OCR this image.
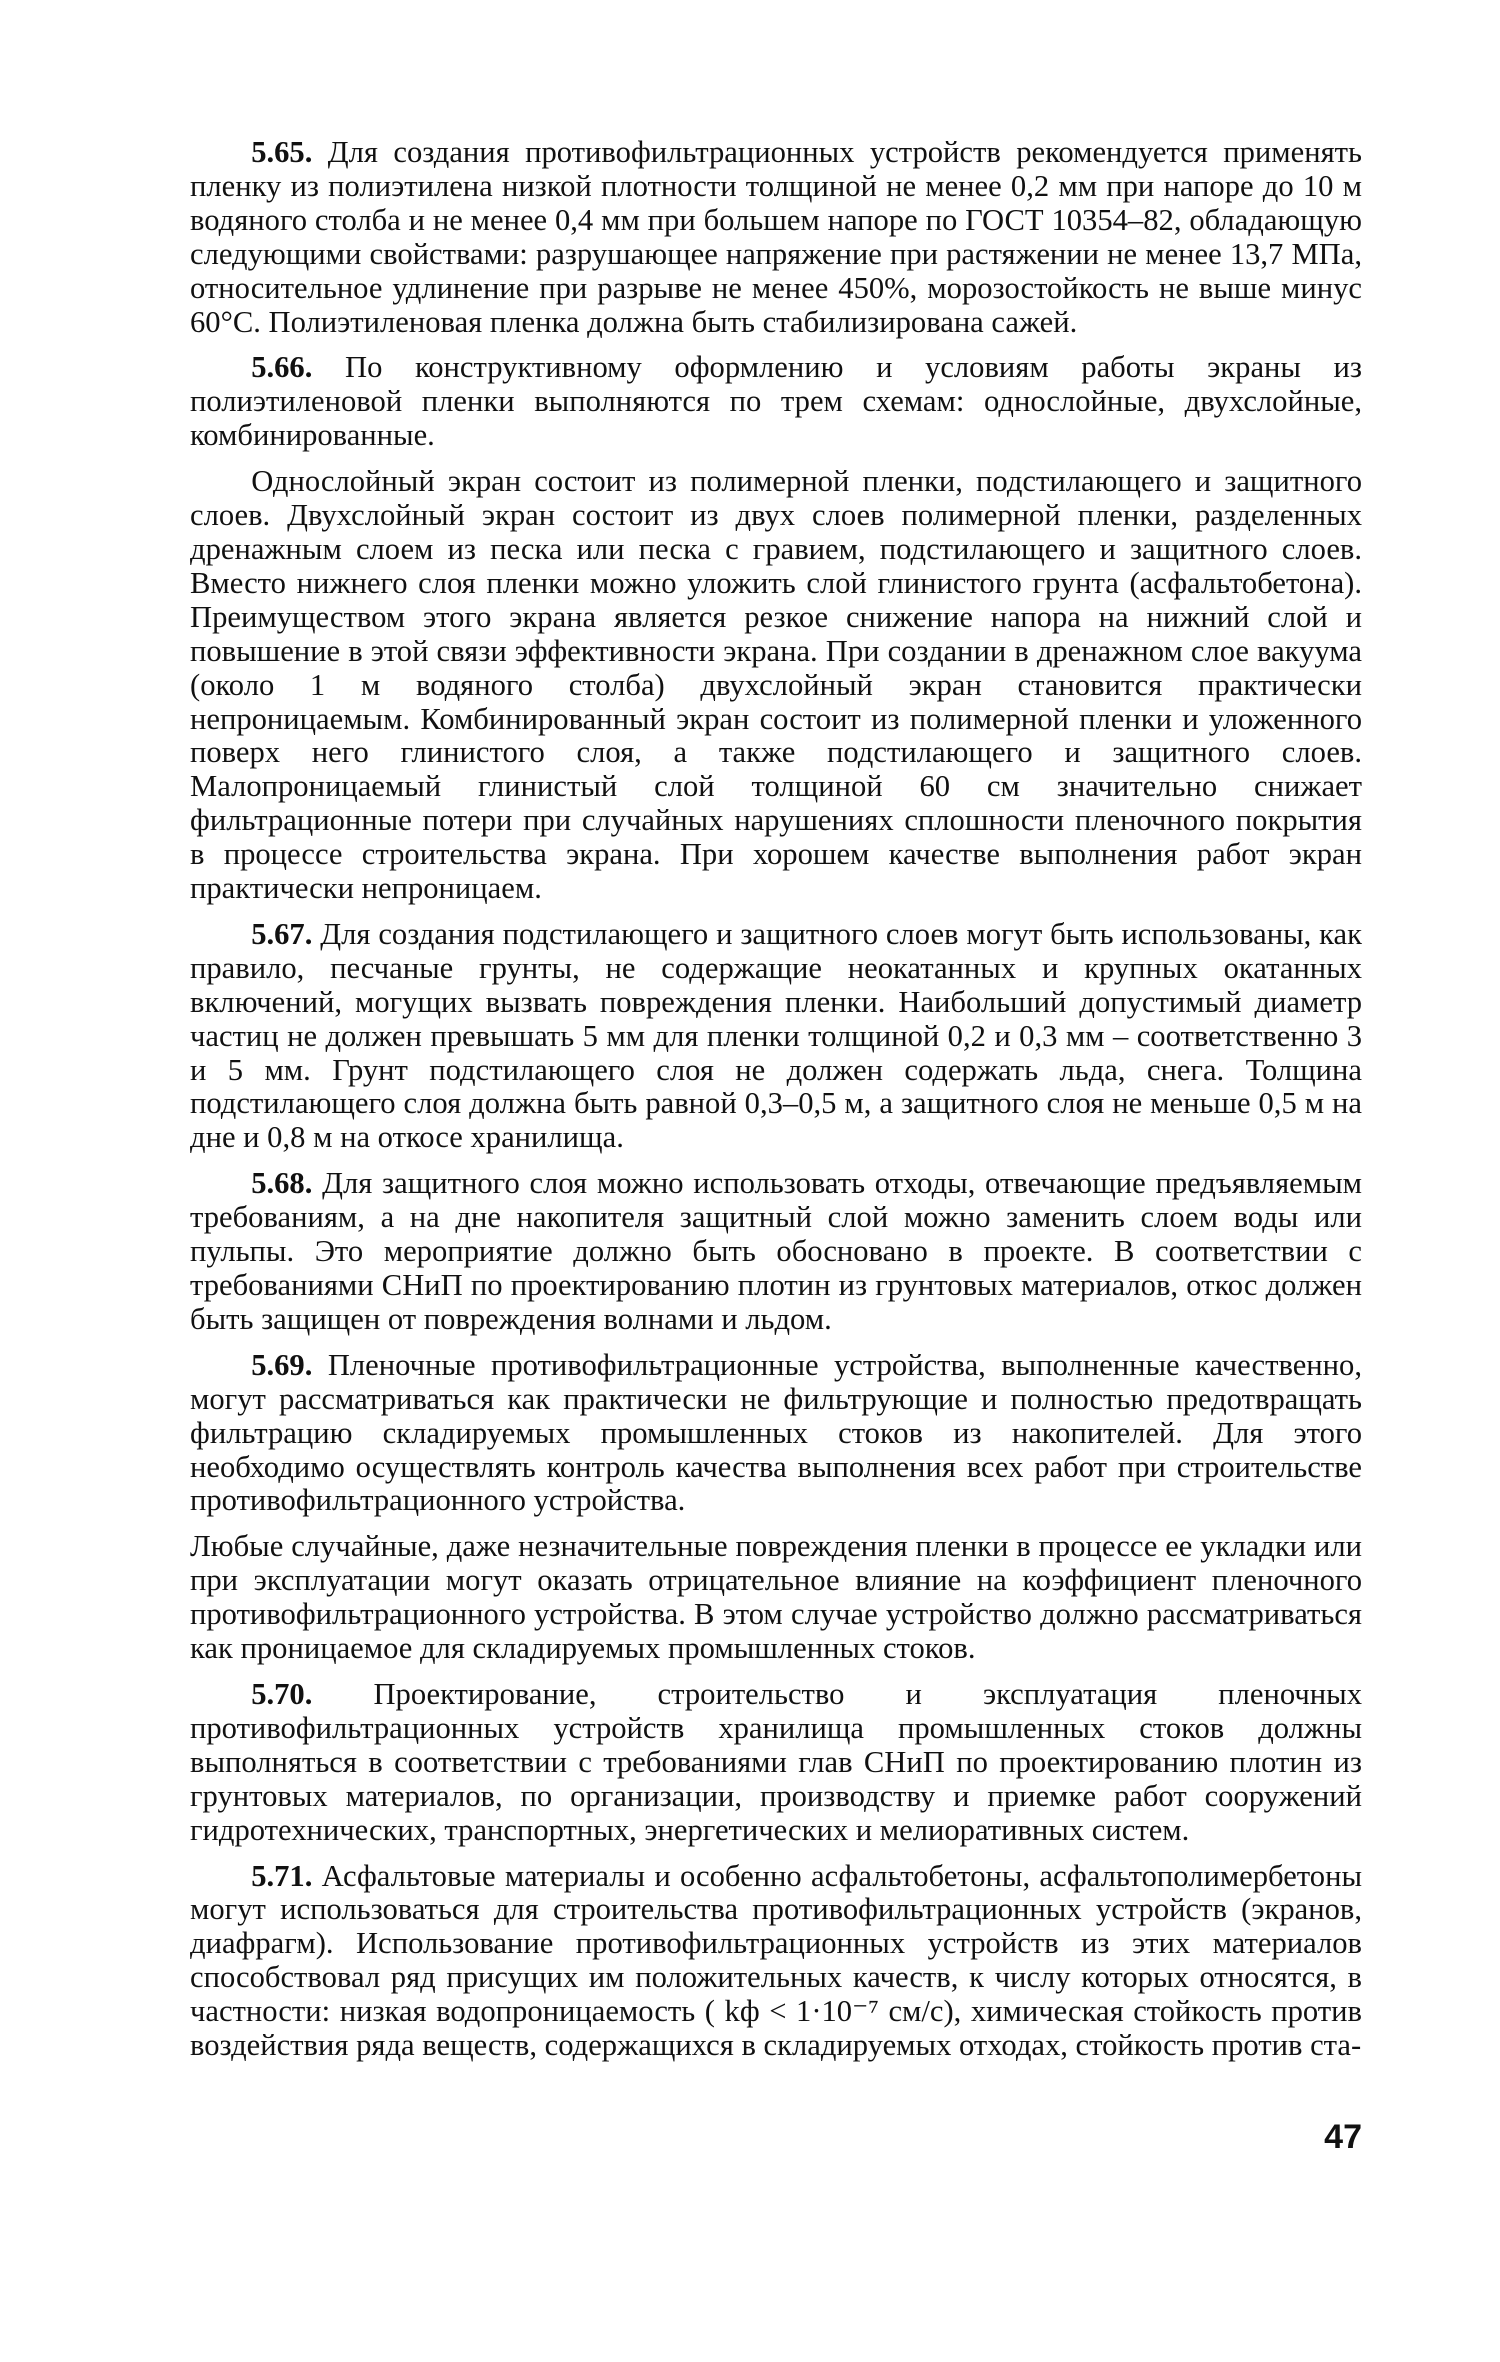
5.65. Для создания противофильтрационных устройств рекомендуется применять пленку из полиэтилена низкой плотности толщиной не менее 0,2 мм при напоре до 10 м водяного столба и не менее 0,4 мм при большем напоре по ГОСТ 10354–82, обладающую следующими свойствами: разрушающее напряжение при растяжении не менее 13,7 МПа, относительное удлинение при разрыве не менее 450%, морозостойкость не выше минус 60°С. Полиэтиленовая пленка должна быть стабилизирована сажей.

5.66. По конструктивному оформлению и условиям работы экраны из полиэтиленовой пленки выполняются по трем схемам: однослойные, двухслойные, комбинированные.

Однослойный экран состоит из полимерной пленки, подстилающего и защитного слоев. Двухслойный экран состоит из двух слоев полимерной пленки, разделенных дренажным слоем из песка или песка с гравием, подстилающего и защитного слоев. Вместо нижнего слоя пленки можно уложить слой глинистого грунта (асфальтобетона). Преимуществом этого экрана является резкое снижение напора на нижний слой и повышение в этой связи эффективности экрана. При создании в дренажном слое вакуума (около 1 м водяного столба) двухслойный экран становится практически непроницаемым. Комбинированный экран состоит из полимерной пленки и уложенного поверх него глинистого слоя, а также подстилающего и защитного слоев. Малопроницаемый глинистый слой толщиной 60 см значительно снижает фильтрационные потери при случайных нарушениях сплошности пленочного покрытия в процессе строительства экрана. При хорошем качестве выполнения работ экран практически непроницаем.

5.67. Для создания подстилающего и защитного слоев могут быть использованы, как правило, песчаные грунты, не содержащие неокатанных и крупных окатанных включений, могущих вызвать повреждения пленки. Наибольший допустимый диаметр частиц не должен превышать 5 мм для пленки толщиной 0,2 и 0,3 мм – соответственно 3 и 5 мм. Грунт подстилающего слоя не должен содержать льда, снега. Толщина подстилающего слоя должна быть равной 0,3–0,5 м, а защитного слоя не меньше 0,5 м на дне и 0,8 м на откосе хранилища.

5.68. Для защитного слоя можно использовать отходы, отвечающие предъявляемым требованиям, а на дне накопителя защитный слой можно заменить слоем воды или пульпы. Это мероприятие должно быть обосновано в проекте. В соответствии с требованиями СНиП по проектированию плотин из грунтовых материалов, откос должен быть защищен от повреждения волнами и льдом.

5.69. Пленочные противофильтрационные устройства, выполненные качественно, могут рассматриваться как практически не фильтрующие и полностью предотвращать фильтрацию складируемых промышленных стоков из накопителей. Для этого необходимо осуществлять контроль качества выполнения всех работ при строительстве противофильтрационного устройства.

Любые случайные, даже незначительные повреждения пленки в процессе ее укладки или при эксплуатации могут оказать отрицательное влияние на коэффициент пленочного противофильтрационного устройства. В этом случае устройство должно рассматриваться как проницаемое для складируемых промышленных стоков.

5.70. Проектирование, строительство и эксплуатация пленочных противофильтрационных устройств хранилища промышленных стоков должны выполняться в соответствии с требованиями глав СНиП по проектированию плотин из грунтовых материалов, по организации, производству и приемке работ сооружений гидротехнических, транспортных, энергетических и мелиоративных систем.

5.71. Асфальтовые материалы и особенно асфальтобетоны, асфальтополимербетоны могут использоваться для строительства противофильтрационных устройств (экранов, диафрагм). Использование противофильтрационных устройств из этих материалов способствовал ряд присущих им положительных качеств, к числу которых относятся, в частности: низкая водопроницаемость ( kф < 1·10⁻⁷ см/с), химическая стойкость против воздействия ряда веществ, содержащихся в складируемых отходах, стойкость против ста-

47
